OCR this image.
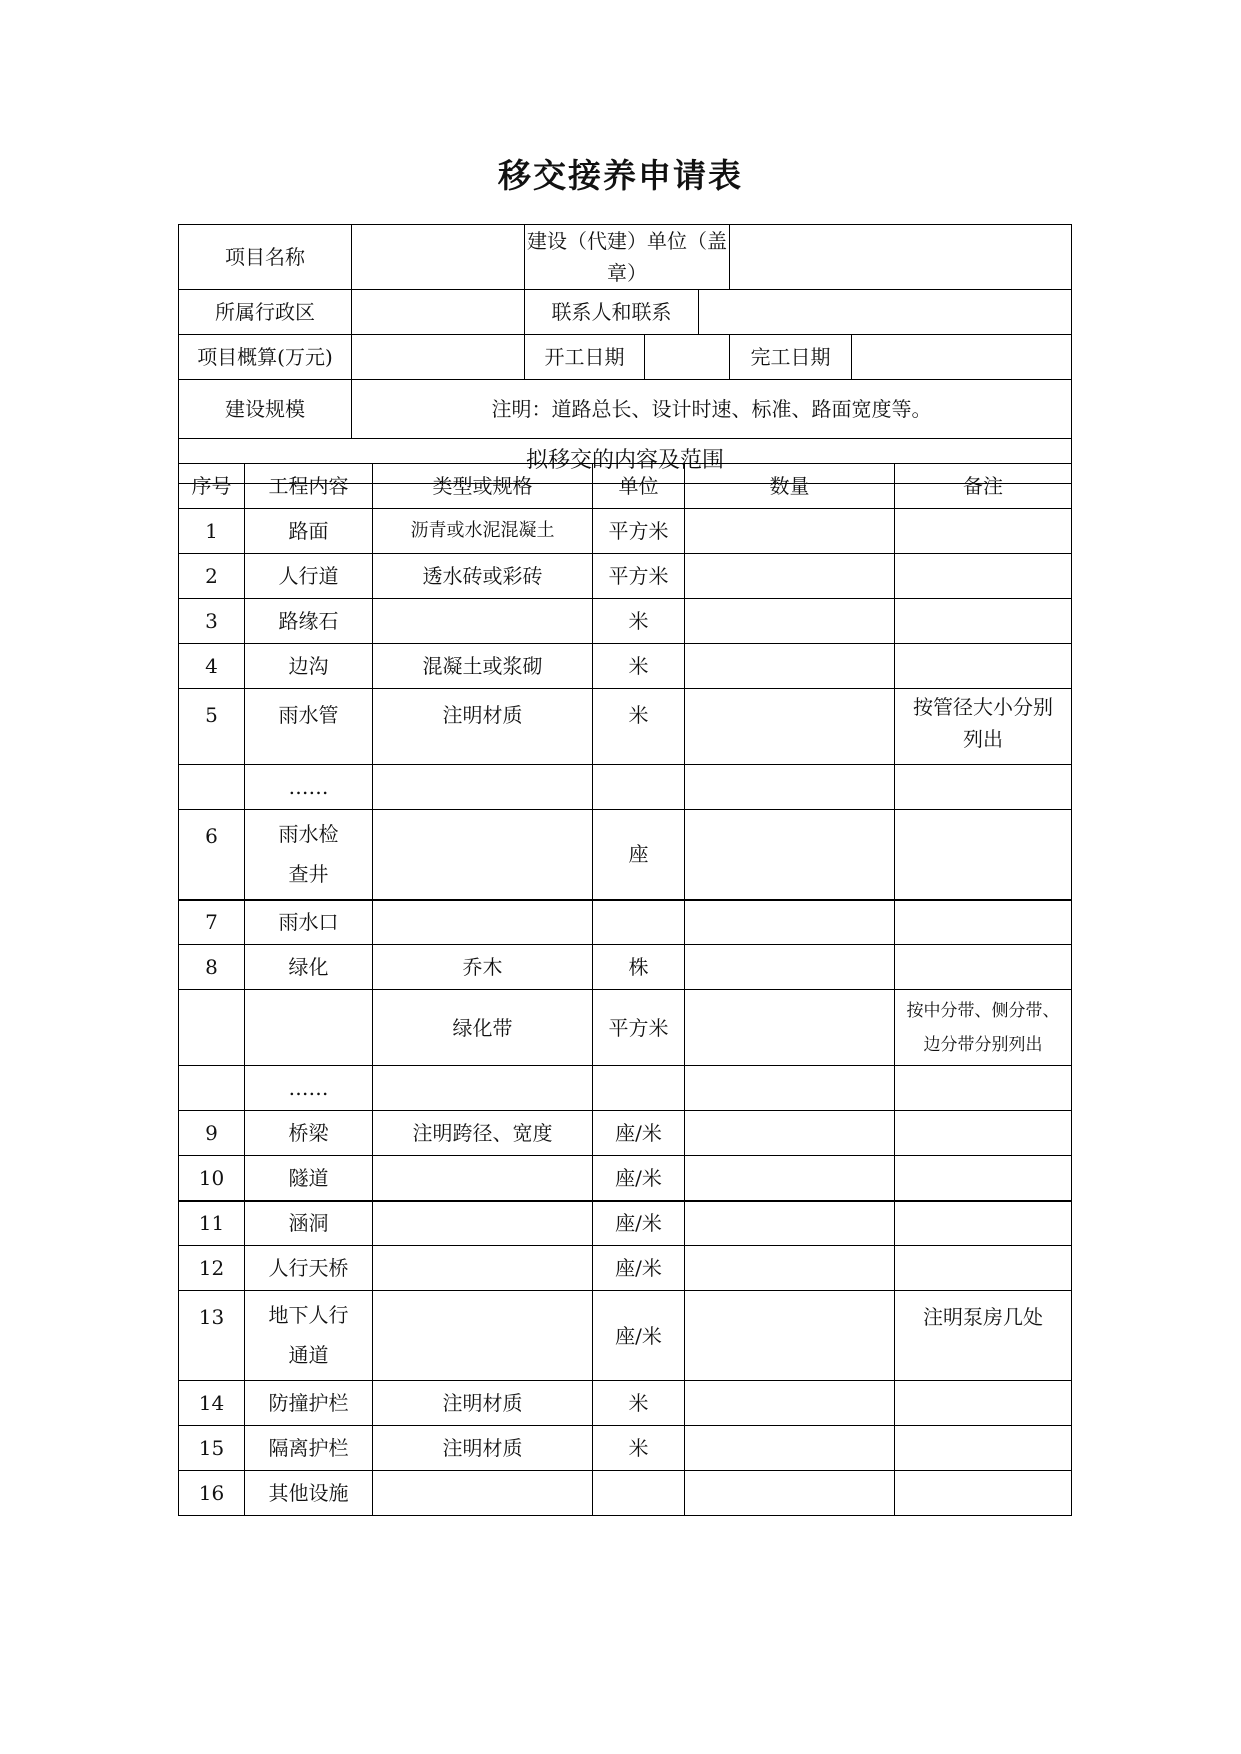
移交接养申请表
项目名称		建设（代建）单位（盖章）				
所属行政区		联系人和联系				
项目概算(万元)		开工日期			完工日期	
建设规模	注明：道路总长、设计时速、标准、路面宽度等。					
拟移交的内容及范围						
序号	工程内容	类型或规格	单位	数量	备注
1	路面	沥青或水泥混凝土	平方米		
2	人行道	透水砖或彩砖	平方米		
3	路缘石		米		
4	边沟	混凝土或浆砌	米		
5	雨水管	注明材质	米		按管径大小分别列出
	……				
6	雨水检查井		座		
7	雨水口				
8	绿化	乔木	株		
		绿化带	平方米		按中分带、侧分带、边分带分别列出
	……				
9	桥梁	注明跨径、宽度	座/米		
10	隧道		座/米		
11	涵洞		座/米		
12	人行天桥		座/米		
13	地下人行通道		座/米		注明泵房几处
14	防撞护栏	注明材质	米		
15	隔离护栏	注明材质	米		
16	其他设施				
